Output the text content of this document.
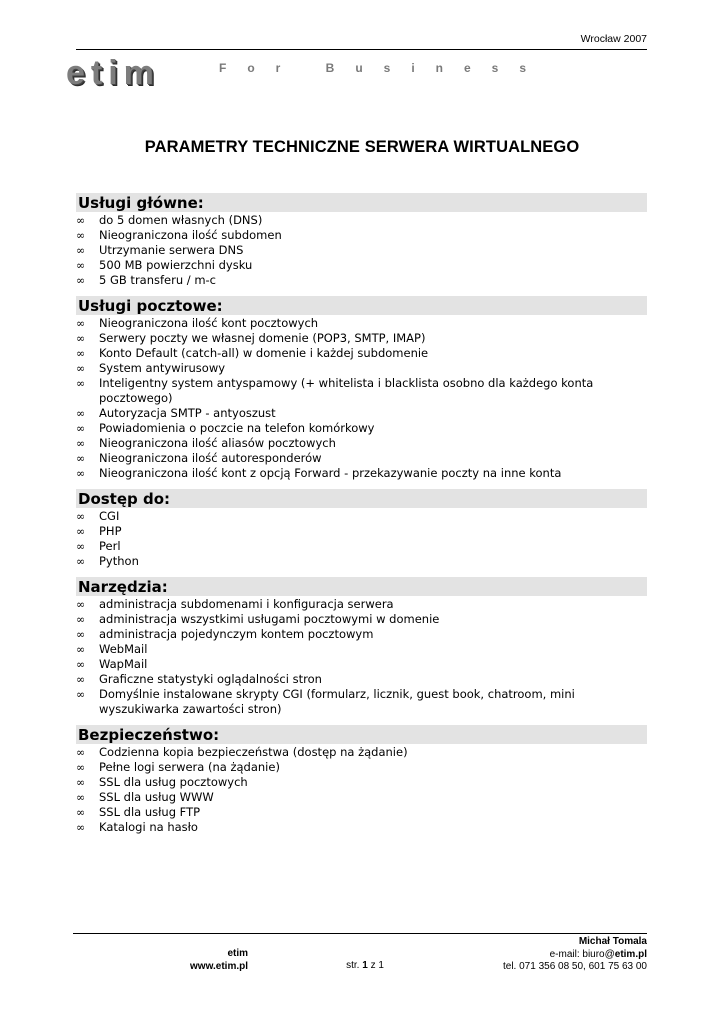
Wrocław 2007
etim	For Business
PARAMETRY TECHNICZNE SERWERA WIRTUALNEGO
Usługi główne:
∞ do 5 domen własnych (DNS)
∞ Nieograniczona ilość subdomen
∞ Utrzymanie serwera DNS
∞ 500 MB powierzchni dysku
∞ 5 GB transferu / m-c
Usługi pocztowe:
∞ Nieograniczona ilość kont pocztowych
∞ Serwery poczty we własnej domenie (POP3, SMTP, IMAP)
∞ Konto Default (catch-all) w domenie i każdej subdomenie
∞ System antywirusowy
∞ Inteligentny system antyspamowy (+ whitelista i blacklista osobno dla każdego konta pocztowego)
∞ Autoryzacja SMTP - antyoszust
∞ Powiadomienia o poczcie na telefon komórkowy
∞ Nieograniczona ilość aliasów pocztowych
∞ Nieograniczona ilość autoresponderów
∞ Nieograniczona ilość kont z opcją Forward - przekazywanie poczty na inne konta
Dostęp do:
∞ CGI
∞ PHP
∞ Perl
∞ Python
Narzędzia:
∞ administracja subdomenami i konfiguracja serwera
∞ administracja wszystkimi usługami pocztowymi w domenie
∞ administracja pojedynczym kontem pocztowym
∞ WebMail
∞ WapMail
∞ Graficzne statystyki oglądalności stron
∞ Domyślnie instalowane skrypty CGI (formularz, licznik, guest book, chatroom, mini wyszukiwarka zawartości stron)
Bezpieczeństwo:
∞ Codzienna kopia bezpieczeństwa (dostęp na żądanie)
∞ Pełne logi serwera (na żądanie)
∞ SSL dla usług pocztowych
∞ SSL dla usług WWW
∞ SSL dla usług FTP
∞ Katalogi na hasło
etim
www.etim.pl	str. 1 z 1
Michał Tomala
e-mail: biuro@etim.pl
tel. 071 356 08 50, 601 75 63 00
